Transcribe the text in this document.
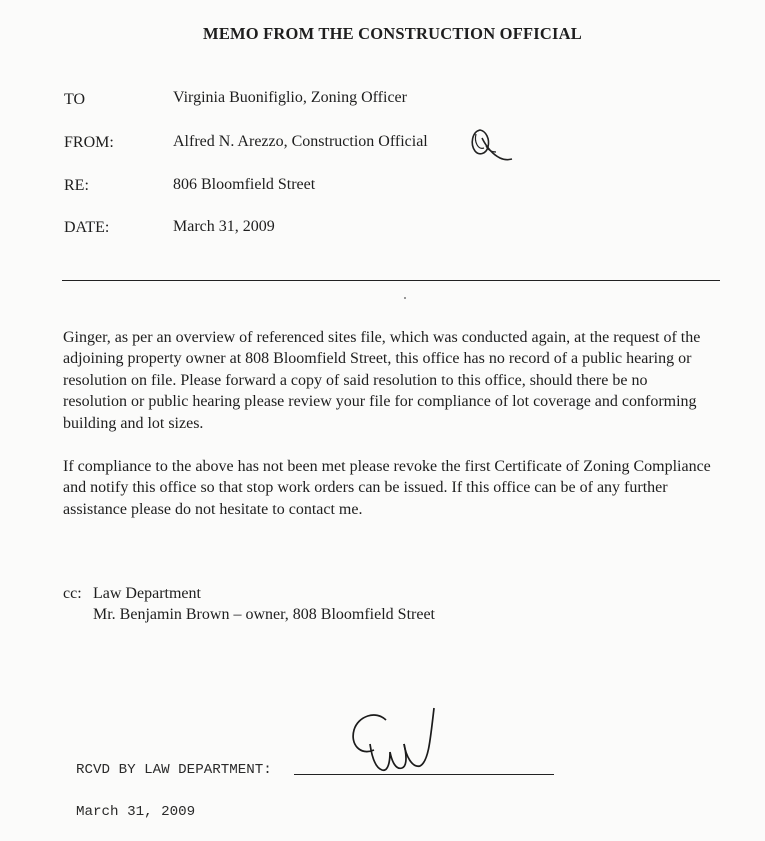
MEMO FROM THE CONSTRUCTION OFFICIAL
TO	Virginia Buonifiglio, Zoning Officer
FROM:	Alfred N. Arezzo, Construction Official
RE:	806 Bloomfield Street
DATE:	March 31, 2009
Ginger, as per an overview of referenced sites file, which was conducted again, at the request of the adjoining property owner at 808 Bloomfield Street, this office has no record of a public hearing or resolution on file. Please forward a copy of said resolution to this office, should there be no resolution or public hearing please review your file for compliance of lot coverage and conforming building and lot sizes.
If compliance to the above has not been met please revoke the first Certificate of Zoning Compliance and notify this office so that stop work orders can be issued. If this office can be of any further assistance please do not hesitate to contact me.
cc: Law Department
Mr. Benjamin Brown – owner, 808 Bloomfield Street
RCVD BY LAW DEPARTMENT:
March 31, 2009
